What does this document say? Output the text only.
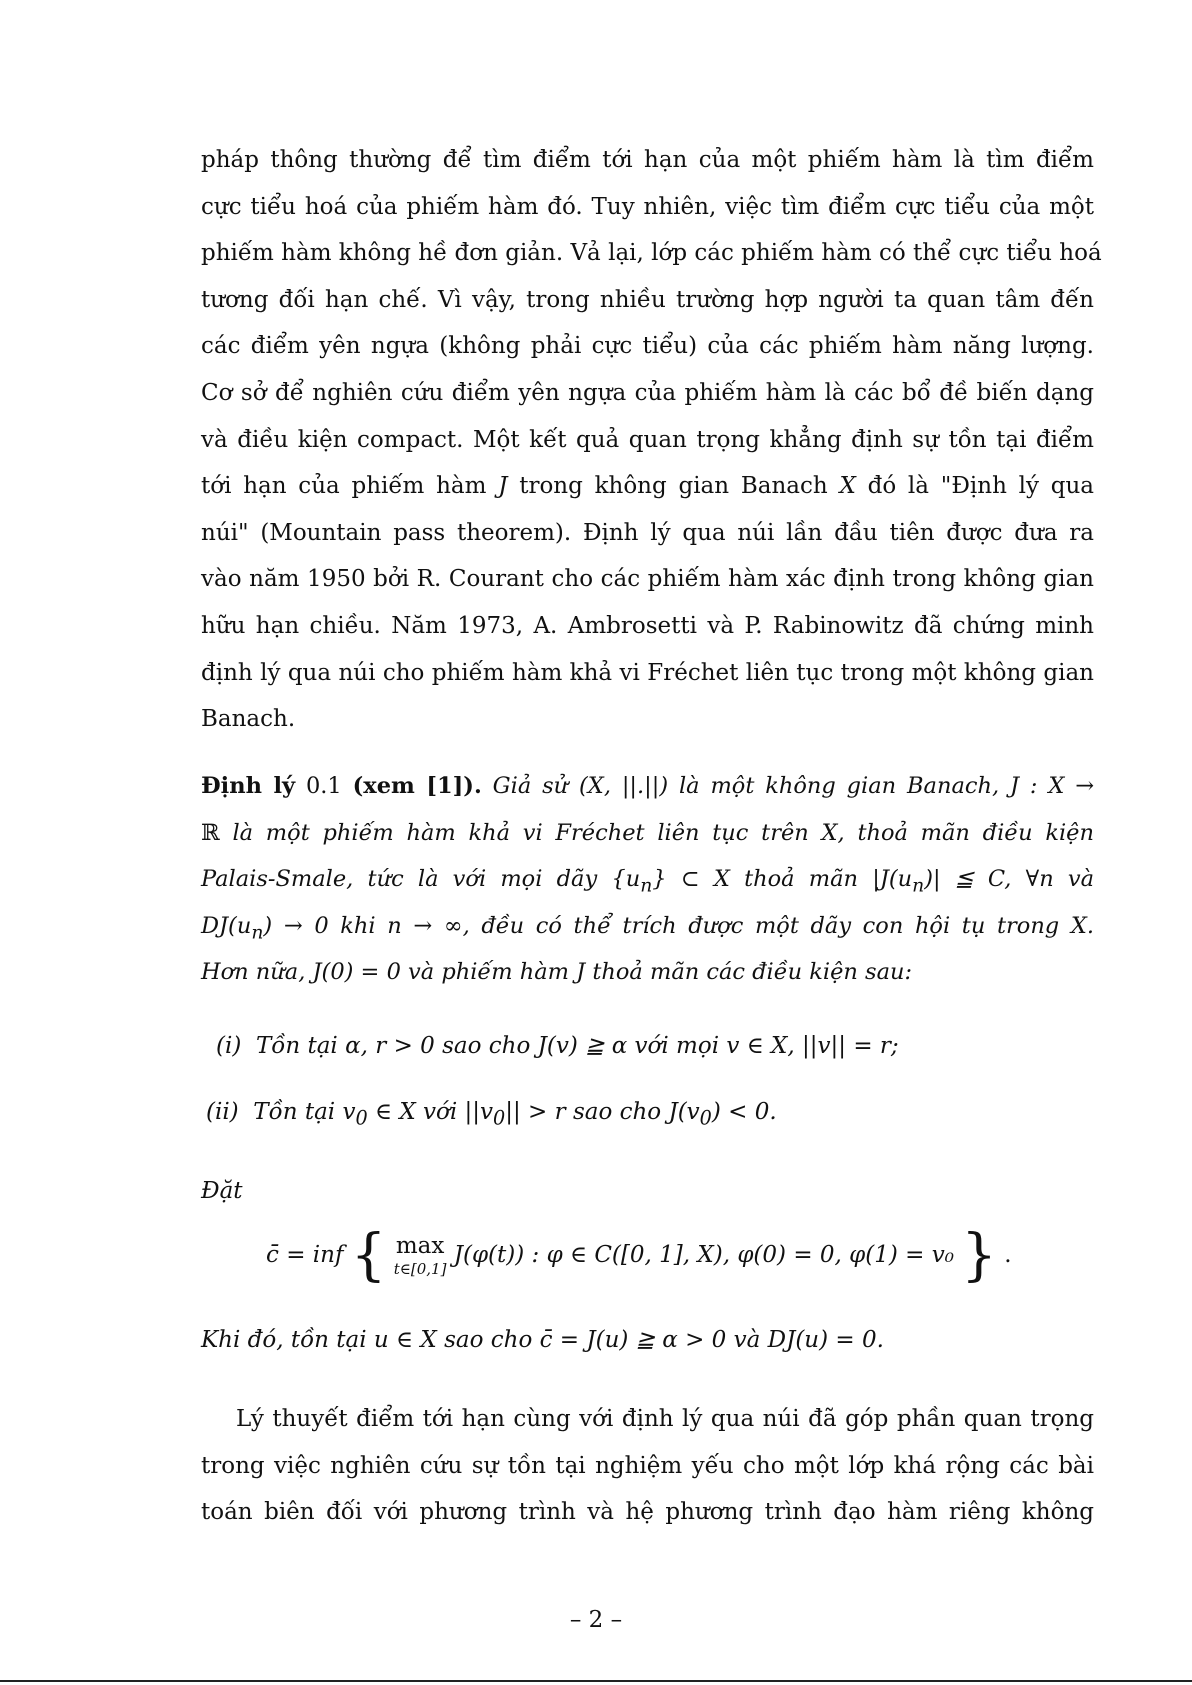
pháp thông thường để tìm điểm tới hạn của một phiếm hàm là tìm điểm
cực tiểu hoá của phiếm hàm đó. Tuy nhiên, việc tìm điểm cực tiểu của một
phiếm hàm không hề đơn giản. Vả lại, lớp các phiếm hàm có thể cực tiểu hoá
tương đối hạn chế. Vì vậy, trong nhiều trường hợp người ta quan tâm đến
các điểm yên ngựa (không phải cực tiểu) của các phiếm hàm năng lượng.
Cơ sở để nghiên cứu điểm yên ngựa của phiếm hàm là các bổ đề biến dạng
và điều kiện compact. Một kết quả quan trọng khẳng định sự tồn tại điểm
tới hạn của phiếm hàm J trong không gian Banach X đó là "Định lý qua
núi" (Mountain pass theorem). Định lý qua núi lần đầu tiên được đưa ra
vào năm 1950 bởi R. Courant cho các phiếm hàm xác định trong không gian
hữu hạn chiều. Năm 1973, A. Ambrosetti và P. Rabinowitz đã chứng minh
định lý qua núi cho phiếm hàm khả vi Fréchet liên tục trong một không gian
Banach.
Định lý 0.1 (xem [1]). Giả sử (X, ||.||) là một không gian Banach, J : X →
ℝ là một phiếm hàm khả vi Fréchet liên tục trên X, thoả mãn điều kiện
Palais-Smale, tức là với mọi dãy $\{u_n\}$ ⊂ X thoả mãn $|J(u_n)|$ ≦ C, ∀n và
$DJ(u_n) \to 0$ khi n → ∞, đều có thể trích được một dãy con hội tụ trong X.
Hơn nữa, J(0) = 0 và phiếm hàm J thoả mãn các điều kiện sau:
(i) Tồn tại α, r > 0 sao cho J(v) ≧ α với mọi v ∈ X, ||v|| = r;
(ii) Tồn tại $v_0$ ∈ X với $||v_0|| > r$ sao cho $J(v_0) < 0$.
Đặt
c̄ = inf { max
t∈[0,1]
J(φ(t)) : φ ∈ C([0, 1], X), φ(0) = 0, φ(1) = v₀ } .
Khi đó, tồn tại u ∈ X sao cho c̄ = J(u) ≧ α > 0 và DJ(u) = 0.
Lý thuyết điểm tới hạn cùng với định lý qua núi đã góp phần quan trọng
trong việc nghiên cứu sự tồn tại nghiệm yếu cho một lớp khá rộng các bài
toán biên đối với phương trình và hệ phương trình đạo hàm riêng không
– 2 –
